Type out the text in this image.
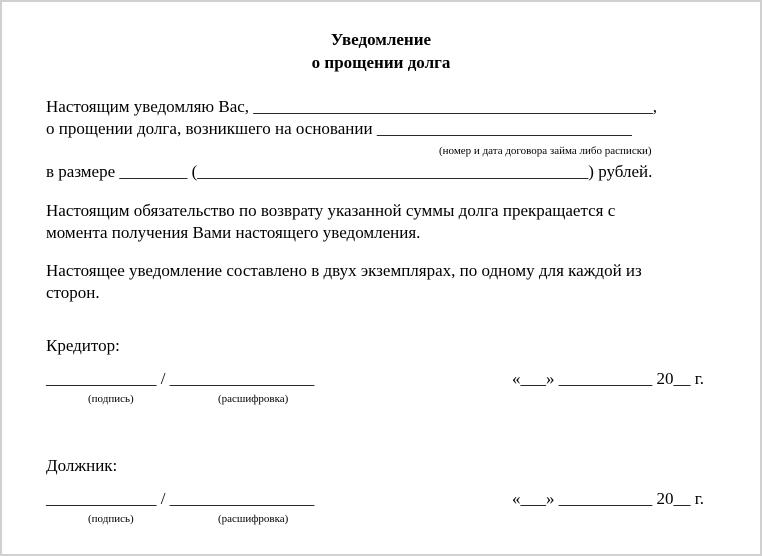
Уведомление
о прощении долга
Настоящим уведомляю Вас, _______________________________________________,
о прощении долга, возникшего на основании ______________________________
(номер и дата договора займа либо расписки)
в размере ________ (______________________________________________) рублей.
Настоящим обязательство по возврату указанной суммы долга прекращается с
момента получения Вами настоящего уведомления.
Настоящее уведомление составлено в двух экземплярах, по одному для каждой из
сторон.
Кредитор:
_____________ / _________________
(подпись)	(расшифровка)
«___» ___________ 20__ г.
Должник:
_____________ / _________________
(подпись)	(расшифровка)
«___» ___________ 20__ г.
